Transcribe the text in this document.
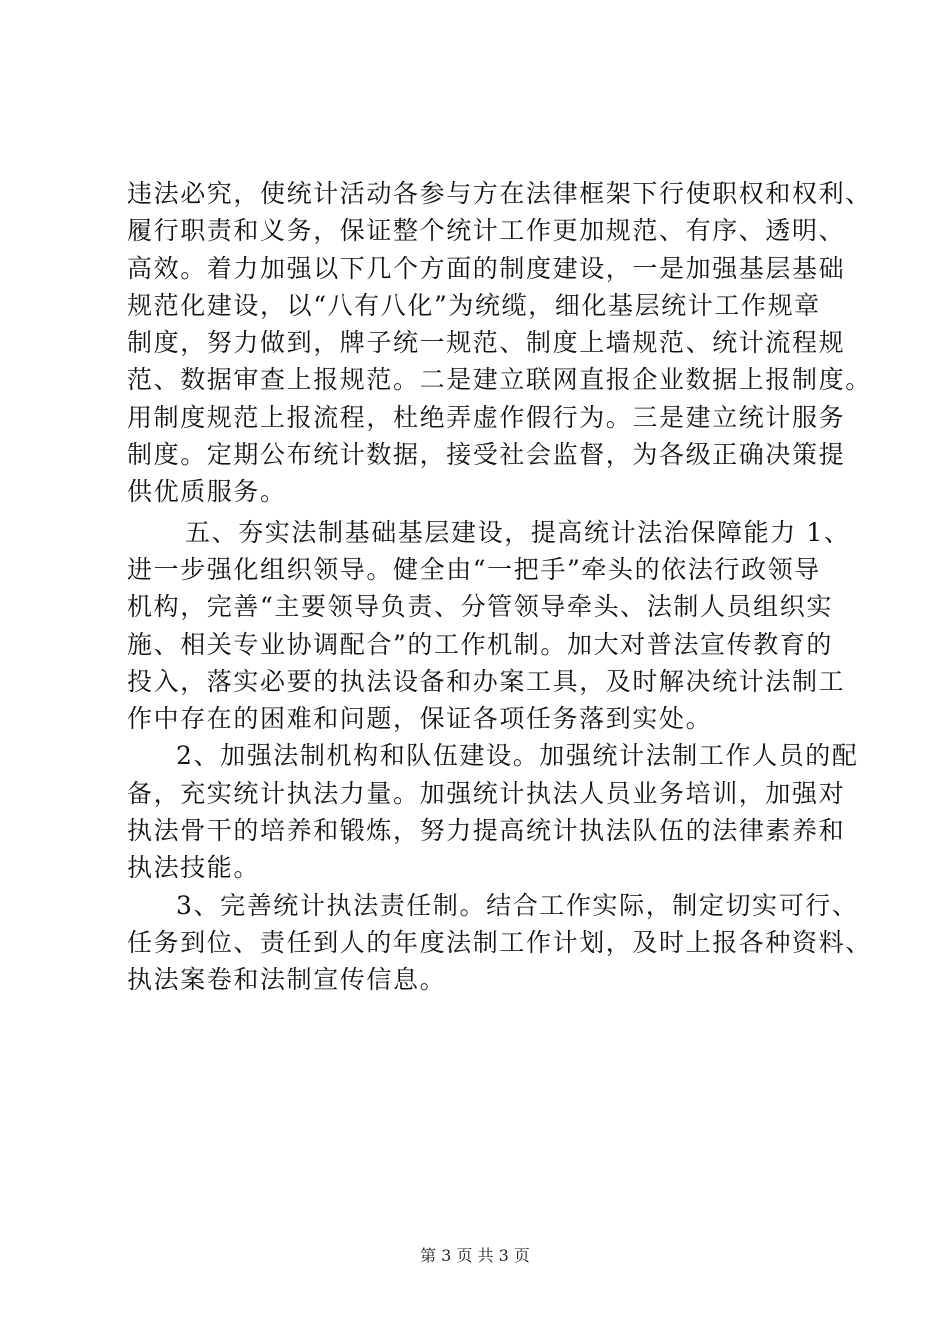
违法必究，使统计活动各参与方在法律框架下行使职权和权利、
履行职责和义务，保证整个统计工作更加规范、有序、透明、
高效。着力加强以下几个方面的制度建设，一是加强基层基础
规范化建设，以“八有八化”为统缆，细化基层统计工作规章
制度，努力做到，牌子统一规范、制度上墙规范、统计流程规
范、数据审查上报规范。二是建立联网直报企业数据上报制度。
用制度规范上报流程，杜绝弄虚作假行为。三是建立统计服务
制度。定期公布统计数据，接受社会监督，为各级正确决策提
供优质服务。
五、夯实法制基础基层建设，提高统计法治保障能力 1、
进一步强化组织领导。健全由“一把手”牵头的依法行政领导
机构，完善“主要领导负责、分管领导牵头、法制人员组织实
施、相关专业协调配合”的工作机制。加大对普法宣传教育的
投入，落实必要的执法设备和办案工具，及时解决统计法制工
作中存在的困难和问题，保证各项任务落到实处。
2、加强法制机构和队伍建设。加强统计法制工作人员的配
备，充实统计执法力量。加强统计执法人员业务培训，加强对
执法骨干的培养和锻炼，努力提高统计执法队伍的法律素养和
执法技能。
3、完善统计执法责任制。结合工作实际，制定切实可行、
任务到位、责任到人的年度法制工作计划，及时上报各种资料、
执法案卷和法制宣传信息。
第 3 页 共 3 页
